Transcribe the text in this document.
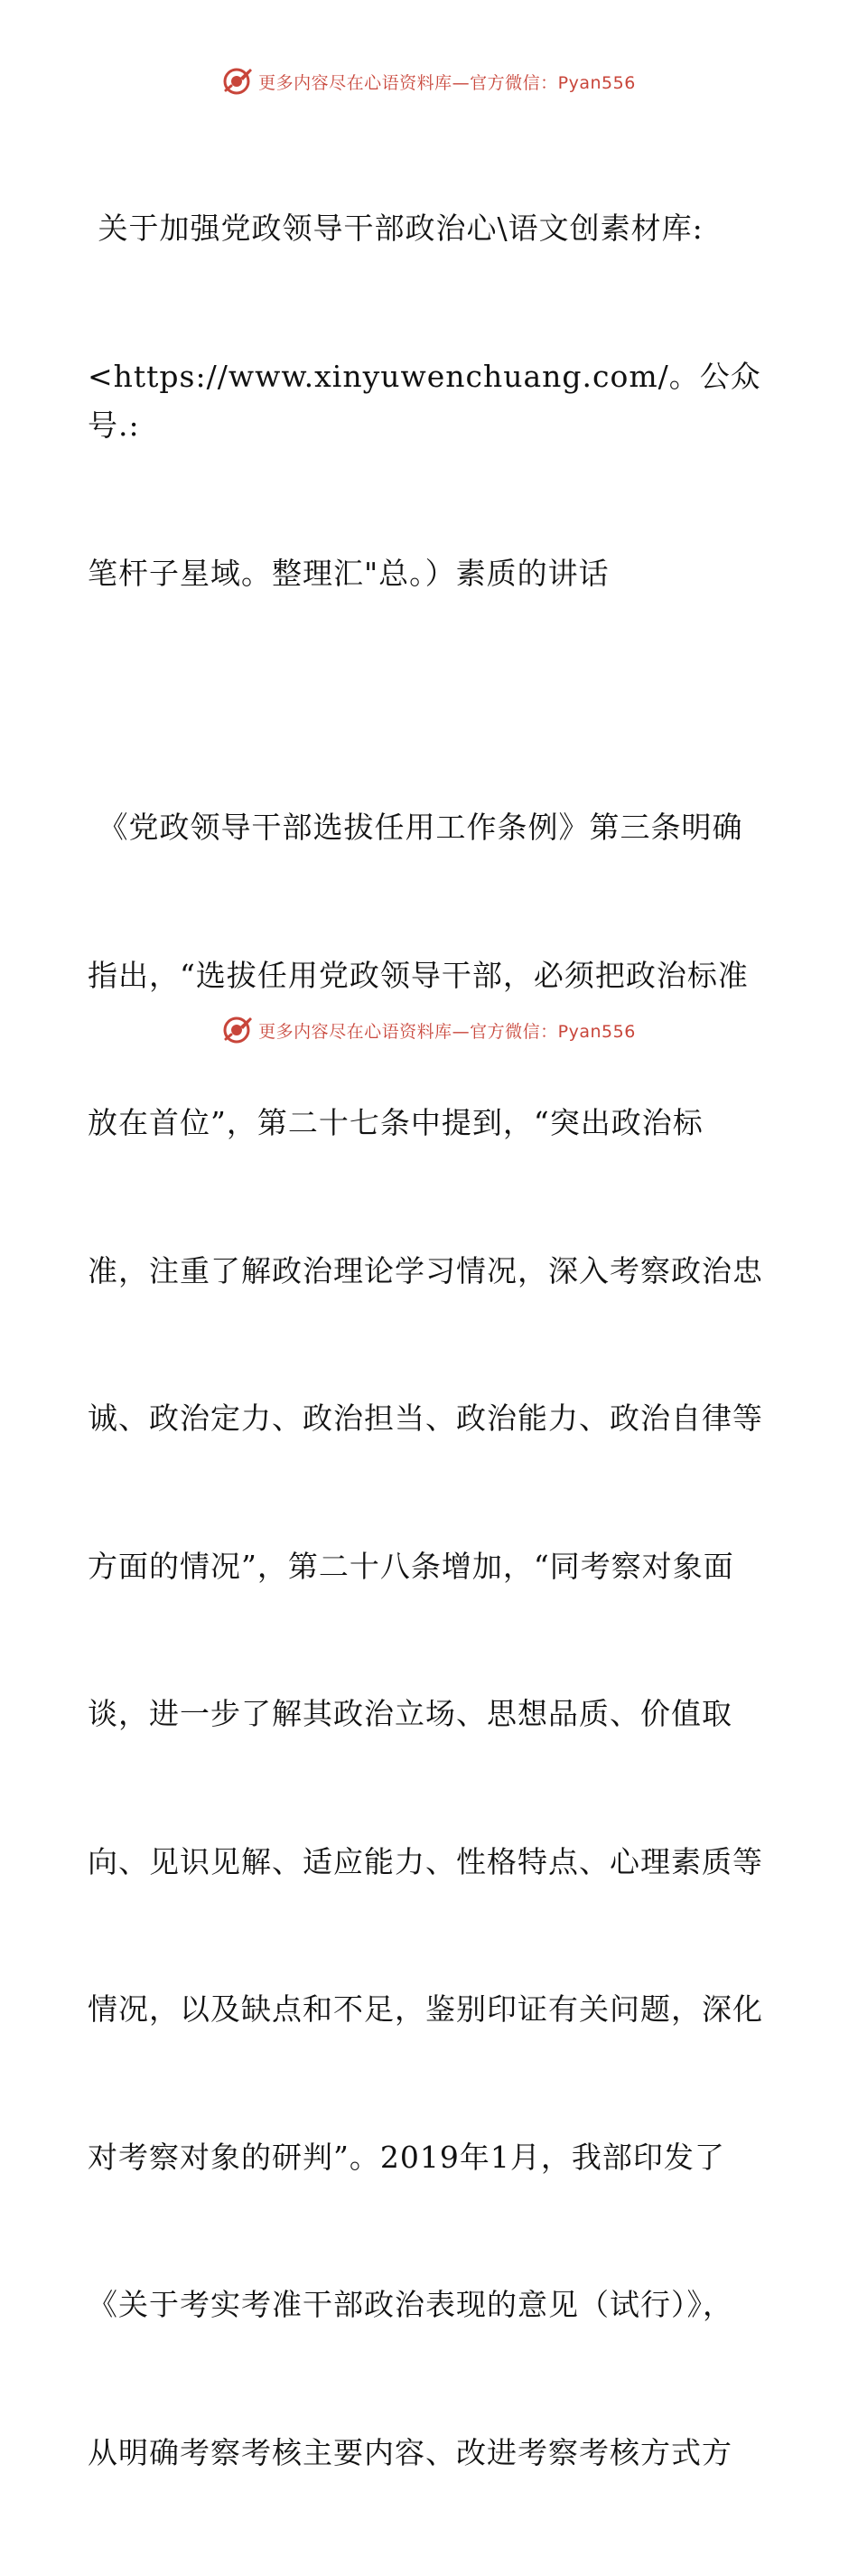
更多内容尽在心语资料库—官方微信：Pyan556

关于加强党政领导干部政治心\语文创素材库:

<https://www.xinyuwenchuang.com/。公众号.:

笔杆子星域。整理汇"总。）素质的讲话

《党政领导干部选拔任用工作条例》第三条明确

指出，“选拔任用党政领导干部，必须把政治标准

放在首位”，第二十七条中提到，“突出政治标

准，注重了解政治理论学习情况，深入考察政治忠

诚、政治定力、政治担当、政治能力、政治自律等

方面的情况”，第二十八条增加，“同考察对象面

谈，进一步了解其政治立场、思想品质、价值取

向、见识见解、适应能力、性格特点、心理素质等

情况，以及缺点和不足，鉴别印证有关问题，深化

对考察对象的研判”。2019年1月，我部印发了

《关于考实考准干部政治表现的意见（试行）》，

从明确考察考核主要内容、改进考察考核方式方

更多内容尽在心语资料库—官方微信：Pyan556
